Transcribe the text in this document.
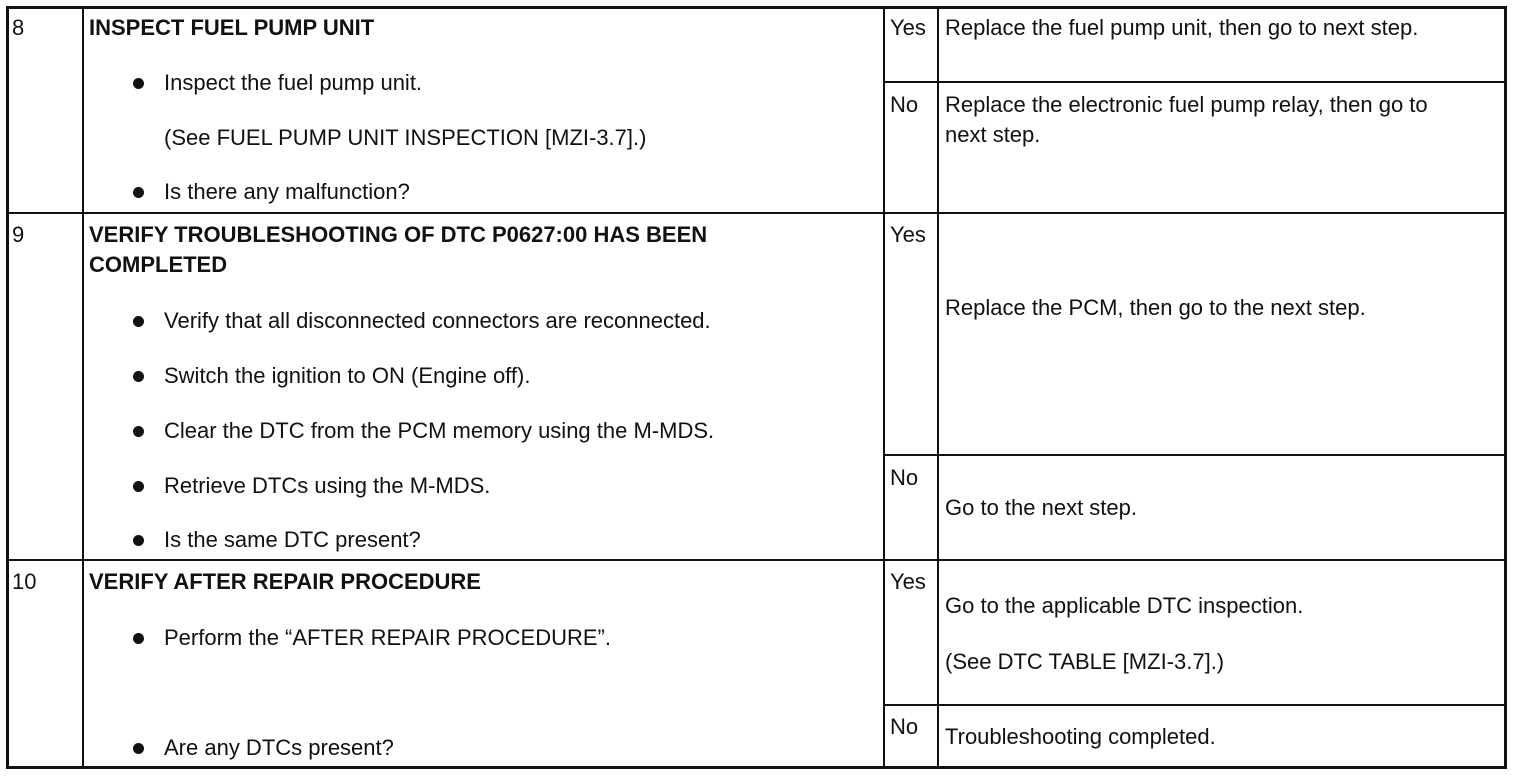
8	INSPECT FUEL PUMP UNIT
Inspect the fuel pump unit.
(See FUEL PUMP UNIT INSPECTION [MZI-3.7].)
Is there any malfunction?
Yes Replace the fuel pump unit, then go to next step.
No Replace the electronic fuel pump relay, then go to
next step.
9	VERIFY TROUBLESHOOTING OF DTC P0627:00 HAS BEEN
COMPLETED
Verify that all disconnected connectors are reconnected.
Switch the ignition to ON (Engine off).
Clear the DTC from the PCM memory using the M-MDS.
Retrieve DTCs using the M-MDS.
Is the same DTC present?
Yes
Replace the PCM, then go to the next step.
No
Go to the next step.
10 VERIFY AFTER REPAIR PROCEDURE
Perform the “AFTER REPAIR PROCEDURE”.
Are any DTCs present?
Yes
Go to the applicable DTC inspection.
(See DTC TABLE [MZI-3.7].)
No Troubleshooting completed.
